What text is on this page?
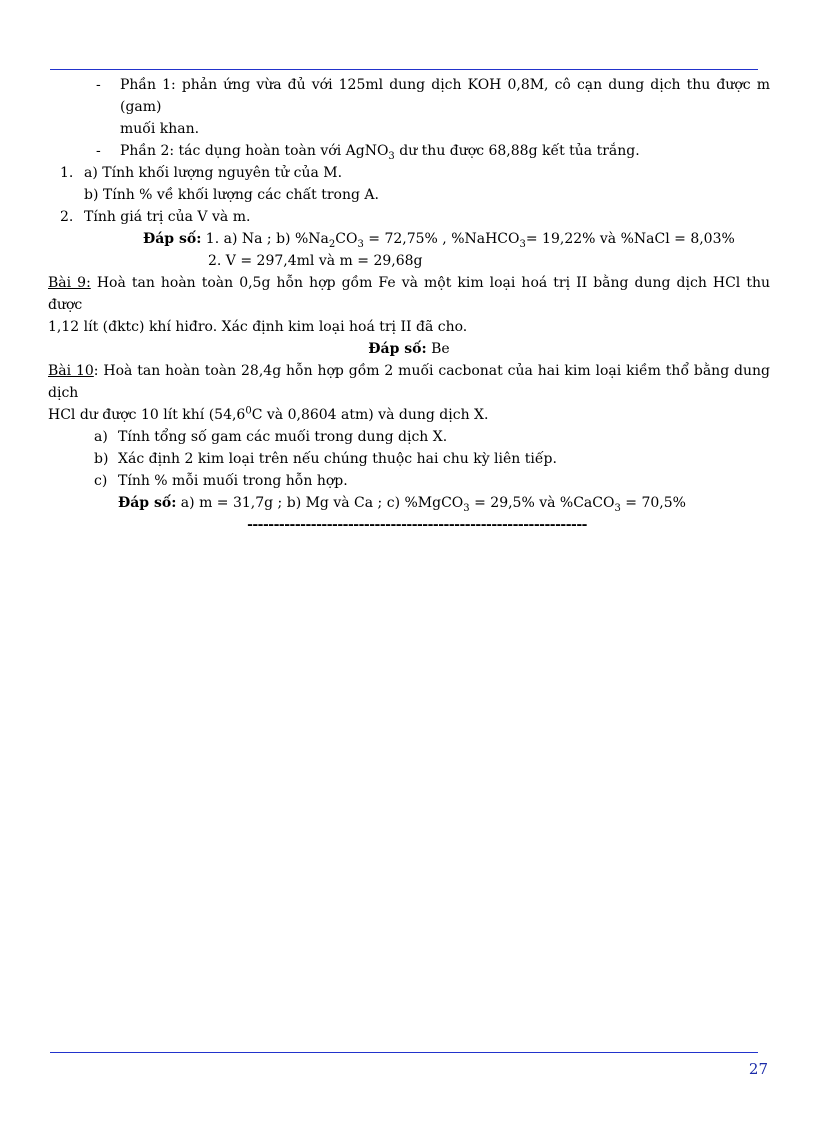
- Phần 1: phản ứng vừa đủ với 125ml dung dịch KOH 0,8M, cô cạn dung dịch thu được m (gam)
muối khan.
- Phần 2: tác dụng hoàn toàn với AgNO$_3$ dư thu được 68,88g kết tủa trắng.
1. a) Tính khối lượng nguyên tử của M.
b) Tính % về khối lượng các chất trong A.
2. Tính giá trị của V và m.
Đáp số: 1. a) Na ; b) $\%Na_2CO_3 = 72,75\%$ , %NaHCO$_3$= 19,22% và %NaCl = 8,03%
2. V = 297,4ml và m = 29,68g
Bài 9: Hoà tan hoàn toàn 0,5g hỗn hợp gồm Fe và một kim loại hoá trị II bằng dung dịch HCl thu được
1,12 lít (đktc) khí hiđro. Xác định kim loại hoá trị II đã cho.
Đáp số: Be
Bài 10: Hoà tan hoàn toàn 28,4g hỗn hợp gồm 2 muối cacbonat của hai kim loại kiềm thổ bằng dung dịch
HCl dư được 10 lít khí (54,6$^0$C và 0,8604 atm) và dung dịch X.
a) Tính tổng số gam các muối trong dung dịch X.
b) Xác định 2 kim loại trên nếu chúng thuộc hai chu kỳ liên tiếp.
c) Tính % mỗi muối trong hỗn hợp.
Đáp số: a) m = 31,7g ; b) Mg và Ca ; c) %MgCO$_3$ = 29,5% và %CaCO$_3$ = 70,5%
----------------------------------------------------------------
27
